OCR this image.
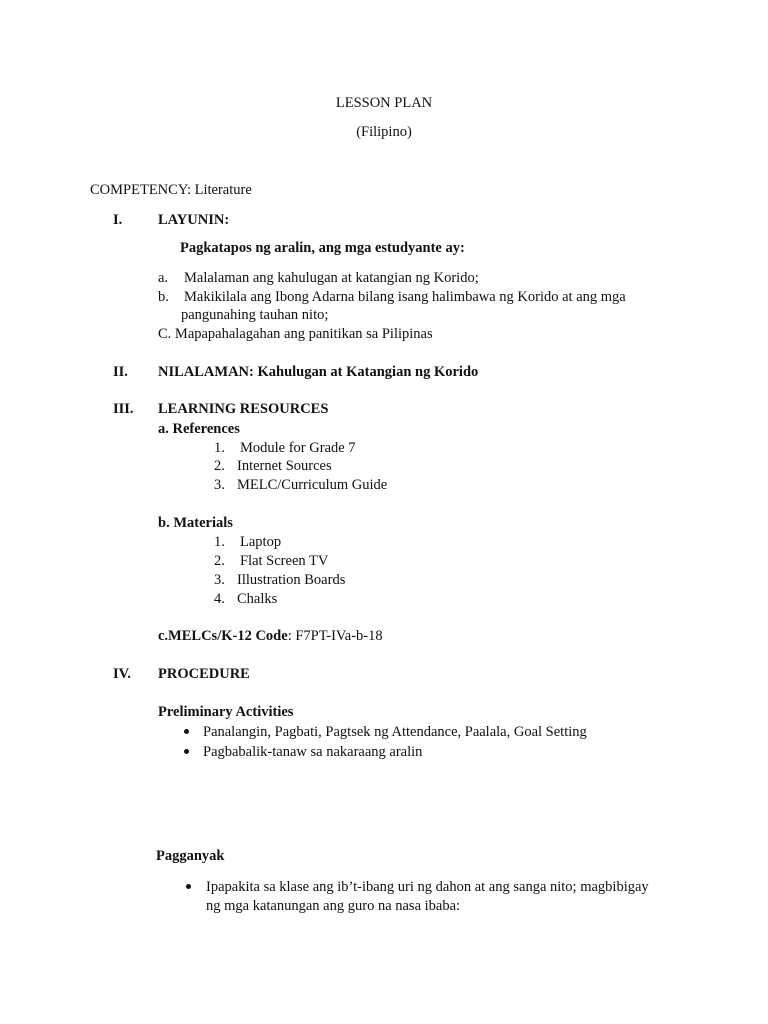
LESSON PLAN
(Filipino)
COMPETENCY: Literature
I. LAYUNIN:
Pagkatapos ng aralin, ang mga estudyante ay:
a. Malalaman ang kahulugan at katangian ng Korido;
b. Makikilala ang Ibong Adarna bilang isang halimbawa ng Korido at ang mga
pangunahing tauhan nito;
C. Mapapahalagahan ang panitikan sa Pilipinas
II. NILALAMAN: Kahulugan at Katangian ng Korido
III. LEARNING RESOURCES
a. References
1. Module for Grade 7
2. Internet Sources
3. MELC/Curriculum Guide
b. Materials
1. Laptop
2. Flat Screen TV
3. Illustration Boards
4. Chalks
c.MELCs/K-12 Code: F7PT-IVa-b-18
IV. PROCEDURE
Preliminary Activities
Panalangin, Pagbati, Pagtsek ng Attendance, Paalala, Goal Setting
Pagbabalik-tanaw sa nakaraang aralin
Pagganyak
Ipapakita sa klase ang ib’t-ibang uri ng dahon at ang sanga nito; magbibigay
ng mga katanungan ang guro na nasa ibaba:
